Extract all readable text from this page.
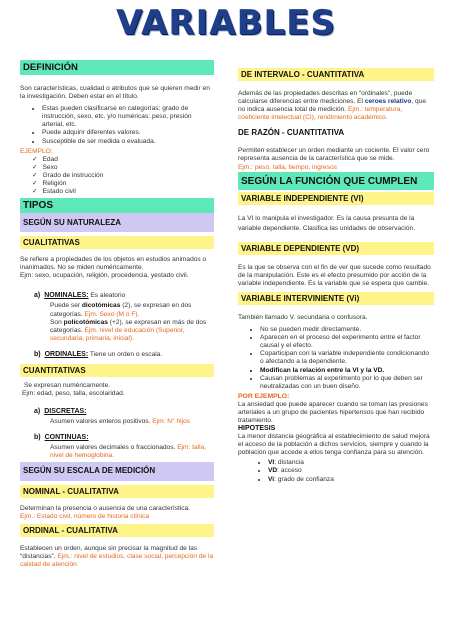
VARIABLES
DEFINICIÓN

Son características, cualidad o atributos que se quieren medir en la investigación. Deben estar en el título.

• Estas pueden clasificarse en categorías: grado de instrucción, sexo, etc. y/o numéricas: peso, presión arterial, etc.
• Puede adquirir diferentes valores.
• Susceptible de ser medida o evaluada.
EJEMPLO:
✓ Edad
✓ Sexo
✓ Grado de instrucción
✓ Religión
✓ Estado civil
TIPOS
SEGÚN SU NATURALEZA
CUALITATIVAS

Se refiere a propiedades de los objetos en estudios animados o inanimados. No se miden numéricamente.

Ejm: sexo, ocupación, religión, procedencia, yestado civil.

a) NOMINALES: Es aleatorio

Puede ser dicotómicas (2), se expresan en dos categorías. Ejm. Sexo (M o F).

Son policotómicas (+2), se expresan en más de dos categorías. Ejm. nivel de educación (Superior, secundaria, primaria, inicial).

b) ORDINALES: Tiene un orden o escala.
CUANTITATIVAS

Se expresan numéricamente.

Ejm: edad, peso, talla, escolaridad.

a) DISCRETAS:

Asumen valores enteros positivos. Ejm: N° hijos

b) CONTINUAS:

Asumen valores decimales o fraccionados. Ejm: talla, nivel de hemoglobina.

SEGÚN SU ESCALA DE MEDICIÓN
NOMINAL - CUALITATIVA

Determinan la presencia o ausencia de una característica.

Ejm.: Estado civil, número de historia clínica

ORDINAL - CUALITATIVA

Establecen un orden, aunque sin precisar la magnitud de las “distancias”. Ejm.: nivel de estudios, clase social, percepción de la calidad de atención

DE INTERVALO - CUANTITATIVA

Además de las propiedades descritas en “ordinales”, puede calcularse diferencias entre mediciones. El ceroes relativo, que no indica ausencia total de medición. Ejm.: temperatura, coeficiente intelectual (CI), rendimiento académico.

DE RAZÓN - CUANTITATIVA

Permiten establecer un orden mediante un cociente. El valor cero representa ausencia de la característica que se mide.

Ejm.: peso, talla, tiempo, ingresos

SEGÚN LA FUNCIÓN QUE CUMPLEN
VARIABLE INDEPENDIENTE (VI)

La VI lo manipula el investigador. Es la causa presunta de la variable dependiente. Clasifica las unidades de observación.

VARIABLE DEPENDIENTE (VD)

Es la que se observa con el fin de ver que sucede como resultado de la manipulación. Este es el efecto presumido por acción de la variable independiente. Es la variable que se espera que cambie.

VARIABLE INTERVINIENTE (Vi)

También llamado V. secundaria o confusora.

• No se pueden medir directamente.
• Aparecen en el proceso del experimento entre el factor causal y el efecto.
• Coparticipan con la variable independiente condicionando o afectando a la dependiente.
• Modifican la relación entre la VI y la VD.
• Causan problemas al experimento por lo que deben ser neutralizadas con un buen diseño.
POR EJEMPLO:

La ansiedad que puede aparecer cuando se toman las presiones arteriales a un grupo de pacientes hipertensos que han recibido tratamiento.

HIPOTESIS

La menor distancia geográfica al establecimiento de salud mejora el acceso de la población a dichos servicios, siempre y cuando la población que accede a ellos tenga confianza para su atención.

• VI: distancia
• VD: acceso
• Vi: grado de confianza
